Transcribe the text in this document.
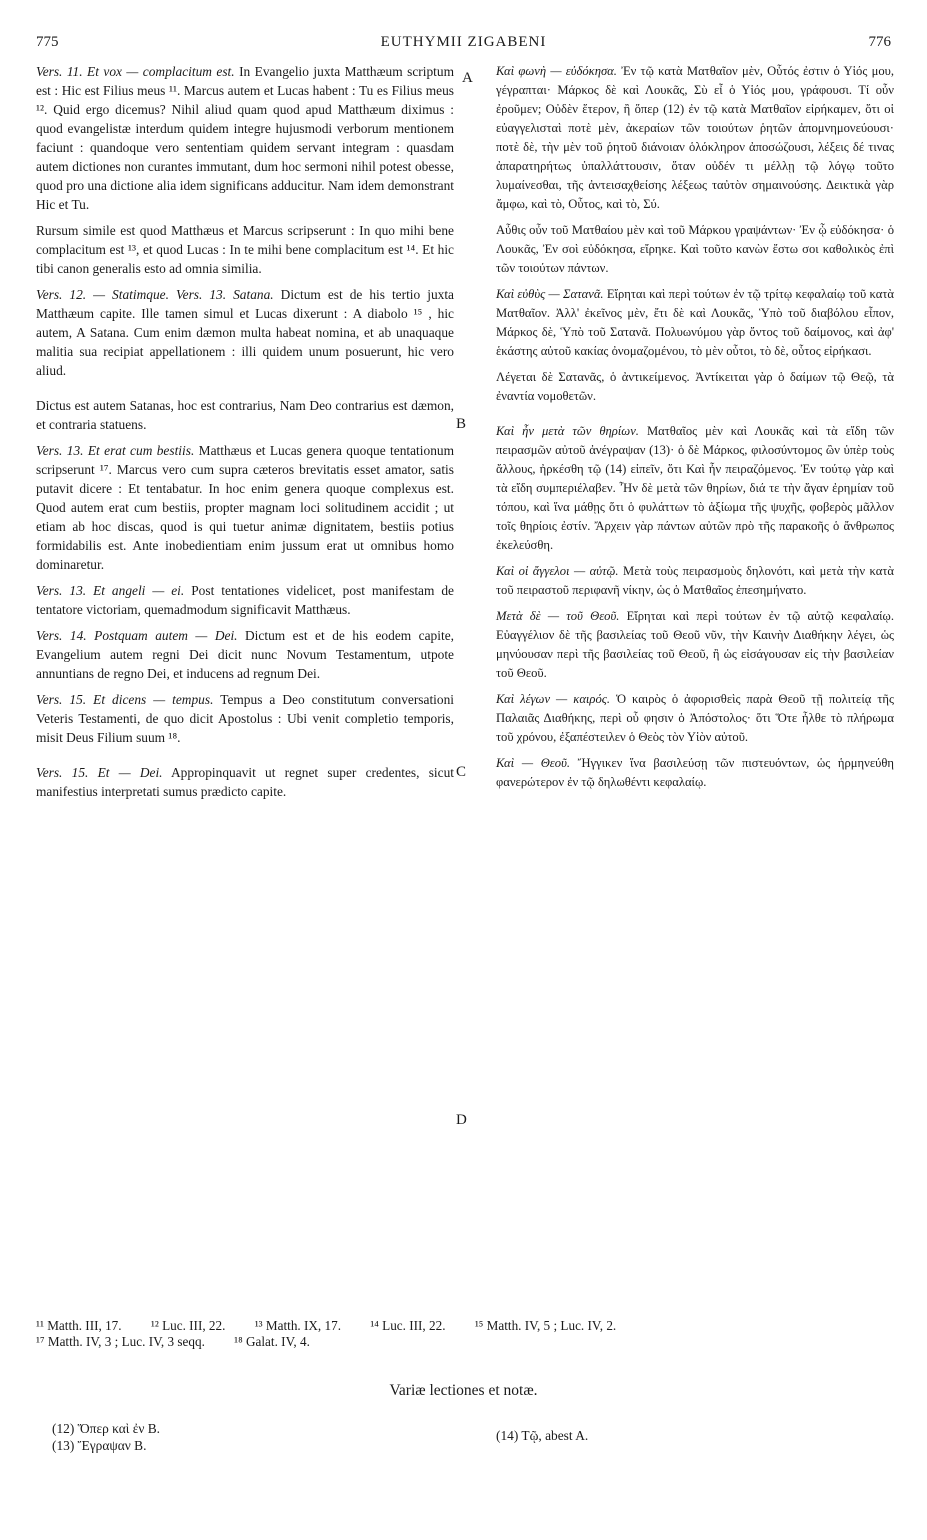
775	EUTHYMII ZIGABENI	776
A
B
C
D

Vers. 11. Et vox — complacitum est. In Evangelio juxta Matthæum scriptum est : Hic est Filius meus ¹¹. Marcus autem et Lucas habent : Tu es Filius meus ¹². Quid ergo dicemus? Nihil aliud quam quod apud Matthæum diximus : quod evangelistæ interdum quidem integre hujusmodi verborum mentionem faciunt : quandoque vero sententiam quidem servant integram : quasdam autem dictiones non curantes immutant, dum hoc sermoni nihil potest obesse, quod pro una dictione alia idem significans adducitur. Nam idem demonstrant Hic et Tu.

Rursum simile est quod Matthæus et Marcus scripserunt : In quo mihi bene complacitum est ¹³, et quod Lucas : In te mihi bene complacitum est ¹⁴. Et hic tibi canon generalis esto ad omnia similia.

Vers. 12. — Statimque. Vers. 13. Satana. Dictum est de his tertio juxta Matthæum capite. Ille tamen simul et Lucas dixerunt : A diabolo ¹⁵ , hic autem, A Satana. Cum enim dæmon multa habeat nomina, et ab unaquaque malitia sua recipiat appellationem : illi quidem unum posuerunt, hic vero aliud.

Dictus est autem Satanas, hoc est contrarius, Nam Deo contrarius est dæmon, et contraria statuens.

Vers. 13. Et erat cum bestiis. Matthæus et Lucas genera quoque tentationum scripserunt ¹⁷. Marcus vero cum supra cæteros brevitatis esset amator, satis putavit dicere : Et tentabatur. In hoc enim genera quoque complexus est. Quod autem erat cum bestiis, propter magnam loci solitudinem accidit ; ut etiam ab hoc discas, quod is qui tuetur animæ dignitatem, bestiis potius formidabilis est. Ante inobedientiam enim jussum erat ut omnibus homo dominaretur.

Vers. 13. Et angeli — ei. Post tentationes videlicet, post manifestam de tentatore victoriam, quemadmodum significavit Matthæus.

Vers. 14. Postquam autem — Dei. Dictum est et de his eodem capite, Evangelium autem regni Dei dicit nunc Novum Testamentum, utpote annuntians de regno Dei, et inducens ad regnum Dei.

Vers. 15. Et dicens — tempus. Tempus a Deo constitutum conversationi Veteris Testamenti, de quo dicit Apostolus : Ubi venit completio temporis, misit Deus Filium suum ¹⁸.

Vers. 15. Et — Dei. Appropinquavit ut regnet super credentes, sicut manifestius interpretati sumus prædicto capite.

Καὶ φωνὴ — εὐδόκησα. Ἐν τῷ κατὰ Ματθαῖον μὲν, Οὗτός ἐστιν ὁ Υἱός μου, γέγραπται· Μάρκος δὲ καὶ Λουκᾶς, Σὺ εἶ ὁ Υἱός μου, γράφουσι. Τί οὖν ἐροῦμεν; Οὐδὲν ἕτερον, ἢ ὅπερ (12) ἐν τῷ κατὰ Ματθαῖον εἰρήκαμεν, ὅτι οἱ εὐαγγελισταὶ ποτὲ μὲν, ἀκεραίων τῶν τοιούτων ῥητῶν ἀπομνημονεύουσι· ποτὲ δὲ, τὴν μὲν τοῦ ῥητοῦ διάνοιαν ὁλόκληρον ἀποσώζουσι, λέξεις δέ τινας ἀπαρατηρήτως ὑπαλλάττουσιν, ὅταν οὐδέν τι μέλλῃ τῷ λόγῳ τοῦτο λυμαίνεσθαι, τῆς ἀντεισαχθείσης λέξεως ταὐτὸν σημαινούσης. Δεικτικὰ γὰρ ἄμφω, καὶ τὸ, Οὗτος, καὶ τὸ, Σύ.

Αὖθις οὖν τοῦ Ματθαίου μὲν καὶ τοῦ Μάρκου γραψάντων· Ἐν ᾧ εὐδόκησα· ὁ Λουκᾶς, Ἐν σοὶ εὐδόκησα, εἴρηκε. Καὶ τοῦτο κανὼν ἔστω σοι καθολικὸς ἐπὶ τῶν τοιούτων πάντων.

Καὶ εὐθὺς — Σατανᾶ. Εἴρηται καὶ περὶ τούτων ἐν τῷ τρίτῳ κεφαλαίῳ τοῦ κατὰ Ματθαῖον. Ἀλλ' ἐκεῖνος μὲν, ἔτι δὲ καὶ Λουκᾶς, Ὑπὸ τοῦ διαβόλου εἶπον, Μάρκος δὲ, Ὑπὸ τοῦ Σατανᾶ. Πολυωνύμου γὰρ ὄντος τοῦ δαίμονος, καὶ ἀφ' ἑκάστης αὐτοῦ κακίας ὀνομαζομένου, τὸ μὲν οὗτοι, τὸ δὲ, οὗτος εἰρήκασι.

Λέγεται δὲ Σατανᾶς, ὁ ἀντικείμενος. Ἀντίκειται γὰρ ὁ δαίμων τῷ Θεῷ, τὰ ἐναντία νομοθετῶν.

Καὶ ἦν μετὰ τῶν θηρίων. Ματθαῖος μὲν καὶ Λουκᾶς καὶ τὰ εἴδη τῶν πειρασμῶν αὐτοῦ ἀνέγραψαν (13)· ὁ δὲ Μάρκος, φιλοσύντομος ὢν ὑπὲρ τοὺς ἄλλους, ἠρκέσθη τῷ (14) εἰπεῖν, ὅτι Καὶ ἦν πειραζόμενος. Ἐν τούτῳ γὰρ καὶ τὰ εἴδη συμπεριέλαβεν. Ἦν δὲ μετὰ τῶν θηρίων, διά τε τὴν ἄγαν ἐρημίαν τοῦ τόπου, καὶ ἵνα μάθῃς ὅτι ὁ φυλάττων τὸ ἀξίωμα τῆς ψυχῆς, φοβερὸς μᾶλλον τοῖς θηρίοις ἐστίν. Ἄρχειν γὰρ πάντων αὐτῶν πρὸ τῆς παρακοῆς ὁ ἄνθρωπος ἐκελεύσθη.

Καὶ οἱ ἄγγελοι — αὐτῷ. Μετὰ τοὺς πειρασμοὺς δηλονότι, καὶ μετὰ τὴν κατὰ τοῦ πειραστοῦ περιφανῆ νίκην, ὡς ὁ Ματθαῖος ἐπεσημήνατο.

Μετὰ δὲ — τοῦ Θεοῦ. Εἴρηται καὶ περὶ τούτων ἐν τῷ αὐτῷ κεφαλαίῳ. Εὐαγγέλιον δὲ τῆς βασιλείας τοῦ Θεοῦ νῦν, τὴν Καινὴν Διαθήκην λέγει, ὡς μηνύουσαν περὶ τῆς βασιλείας τοῦ Θεοῦ, ἢ ὡς εἰσάγουσαν εἰς τὴν βασιλείαν τοῦ Θεοῦ.

Καὶ λέγων — καιρός. Ὁ καιρὸς ὁ ἀφορισθεὶς παρὰ Θεοῦ τῇ πολιτείᾳ τῆς Παλαιᾶς Διαθήκης, περὶ οὗ φησιν ὁ Ἀπόστολος· ὅτι Ὅτε ἦλθε τὸ πλήρωμα τοῦ χρόνου, ἐξαπέστειλεν ὁ Θεὸς τὸν Υἱὸν αὐτοῦ.

Καὶ — Θεοῦ. Ἤγγικεν ἵνα βασιλεύσῃ τῶν πιστευόντων, ὡς ἡρμηνεύθη φανερώτερον ἐν τῷ δηλωθέντι κεφαλαίῳ.

¹¹ Matth. III, 17. ¹² Luc. III, 22. ¹³ Matth. IX, 17. ¹⁴ Luc. III, 22. ¹⁵ Matth. IV, 5 ; Luc. IV, 2.
¹⁷ Matth. IV, 3 ; Luc. IV, 3 seqq. ¹⁸ Galat. IV, 4.
Variæ lectiones et notæ.
(12) Ὅπερ καὶ ἐν B.
(13) Ἔγραψαν B.
(14) Τῷ, abest A.
